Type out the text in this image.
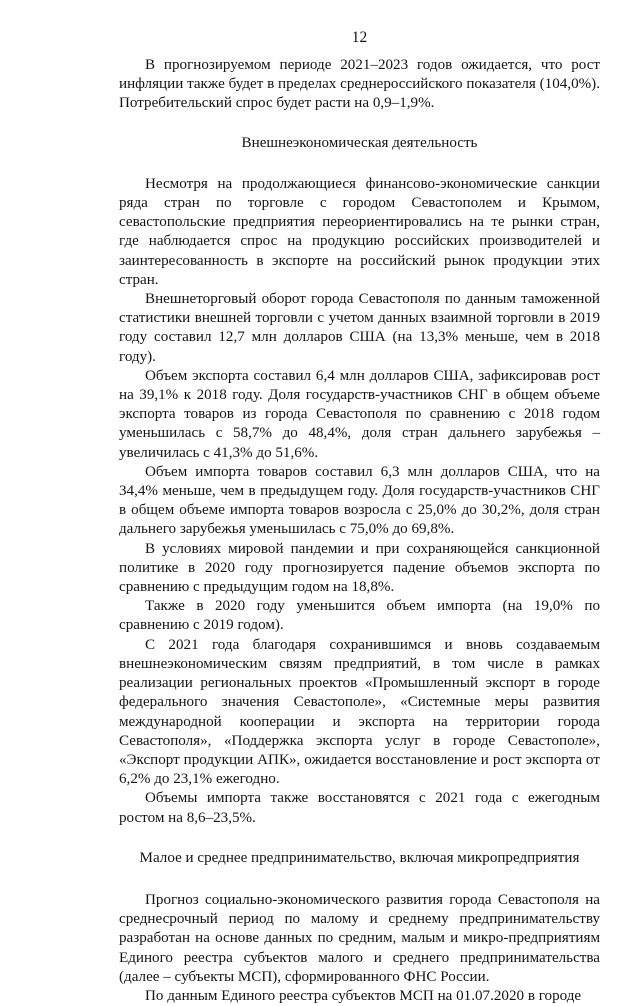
12

В прогнозируемом периоде 2021–2023 годов ожидается, что рост инфляции также будет в пределах среднероссийского показателя (104,0%). Потребительский спрос будет расти на 0,9–1,9%.

Внешнеэкономическая деятельность

Несмотря на продолжающиеся финансово-экономические санкции ряда стран по торговле с городом Севастополем и Крымом, севастопольские предприятия переориентировались на те рынки стран, где наблюдается спрос на продукцию российских производителей и заинтересованность в экспорте на российский рынок продукции этих стран.

Внешнеторговый оборот города Севастополя по данным таможенной статистики внешней торговли с учетом данных взаимной торговли в 2019 году составил 12,7 млн долларов США (на 13,3% меньше, чем в 2018 году).

Объем экспорта составил 6,4 млн долларов США, зафиксировав рост на 39,1% к 2018 году. Доля государств-участников СНГ в общем объеме экспорта товаров из города Севастополя по сравнению с 2018 годом уменьшилась с 58,7% до 48,4%, доля стран дальнего зарубежья – увеличилась с 41,3% до 51,6%.

Объем импорта товаров составил 6,3 млн долларов США, что на 34,4% меньше, чем в предыдущем году. Доля государств-участников СНГ в общем объеме импорта товаров возросла с 25,0% до 30,2%, доля стран дальнего зарубежья уменьшилась с 75,0% до 69,8%.

В условиях мировой пандемии и при сохраняющейся санкционной политике в 2020 году прогнозируется падение объемов экспорта по сравнению с предыдущим годом на 18,8%.

Также в 2020 году уменьшится объем импорта (на 19,0% по сравнению с 2019 годом).

С 2021 года благодаря сохранившимся и вновь создаваемым внешнеэкономическим связям предприятий, в том числе в рамках реализации региональных проектов «Промышленный экспорт в городе федерального значения Севастополе», «Системные меры развития международной кооперации и экспорта на территории города Севастополя», «Поддержка экспорта услуг в городе Севастополе», «Экспорт продукции АПК», ожидается восстановление и рост экспорта от 6,2% до 23,1% ежегодно.

Объемы импорта также восстановятся с 2021 года с ежегодным ростом на 8,6–23,5%.

Малое и среднее предпринимательство, включая микропредприятия

Прогноз социально-экономического развития города Севастополя на среднесрочный период по малому и среднему предпринимательству разработан на основе данных по средним, малым и микро-предприятиям Единого реестра субъектов малого и среднего предпринимательства (далее – субъекты МСП), сформированного ФНС России.

По данным Единого реестра субъектов МСП на 01.07.2020 в городе
